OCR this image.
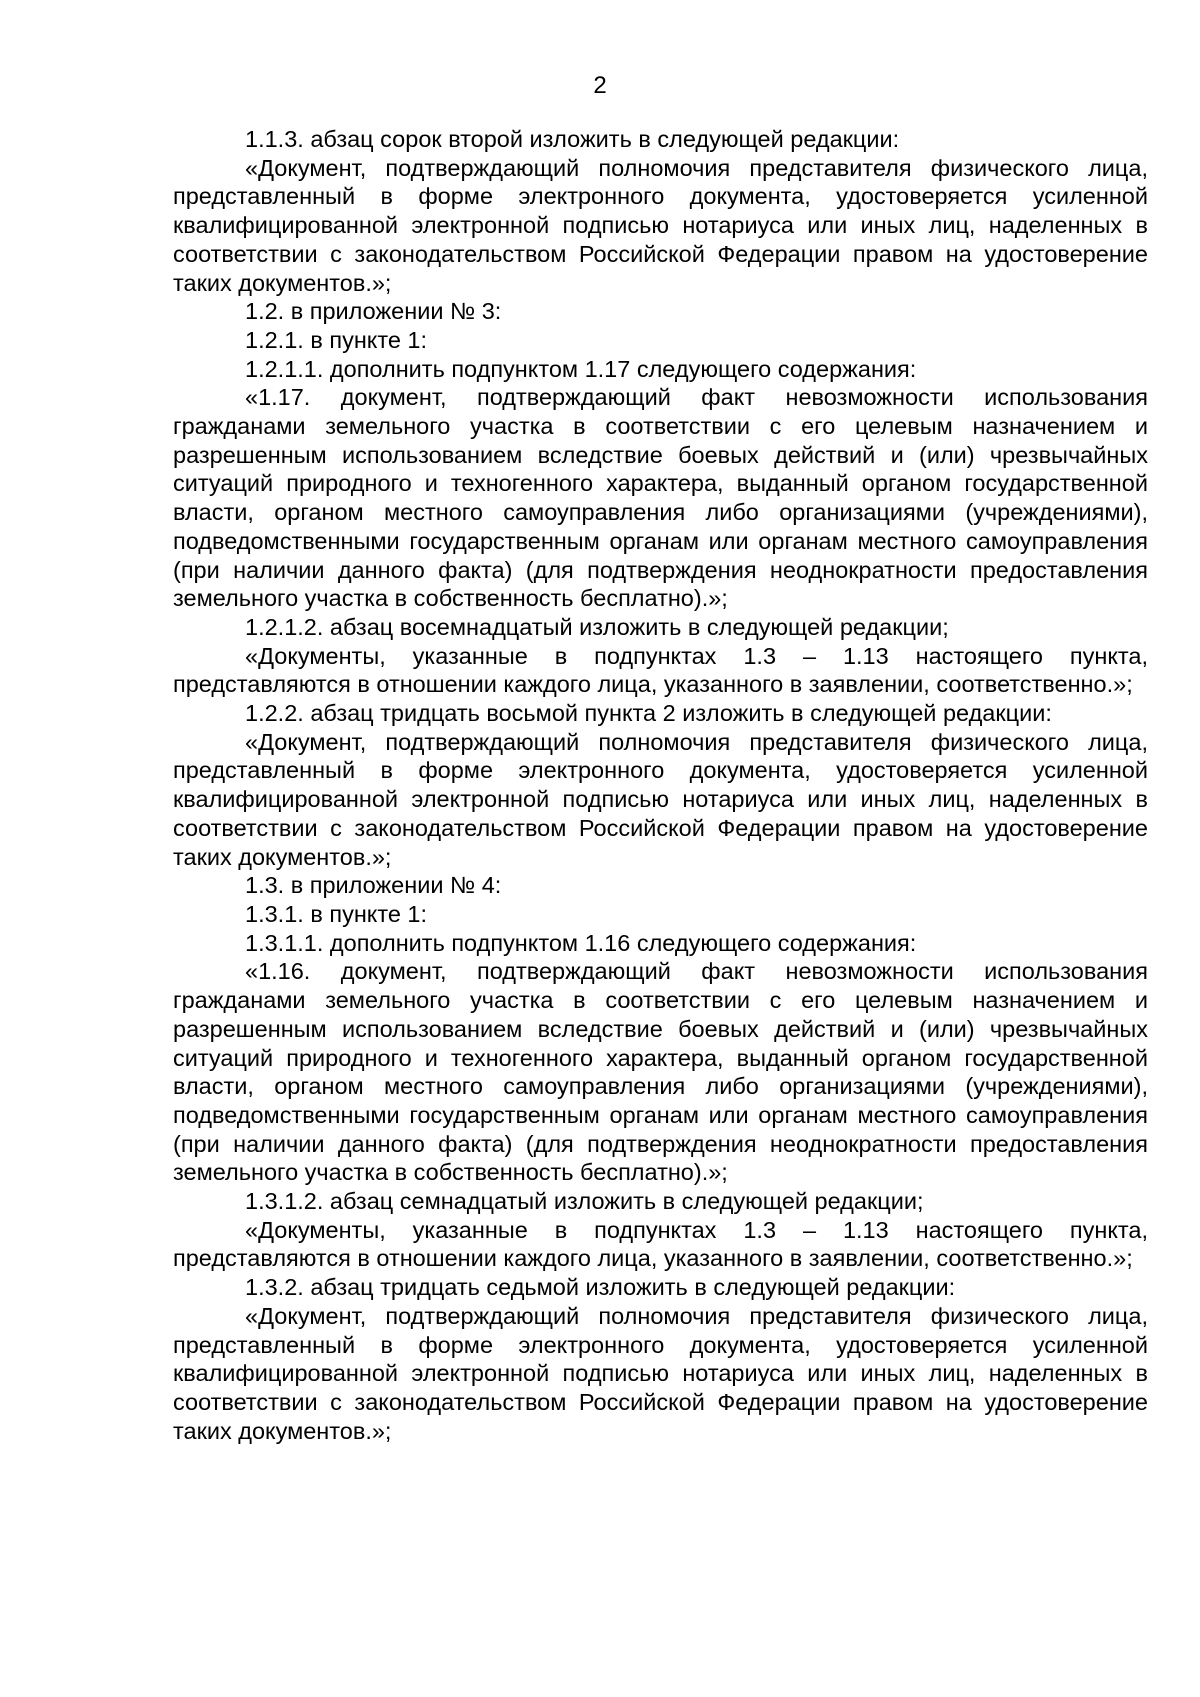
2

1.1.3. абзац сорок второй изложить в следующей редакции:

«Документ, подтверждающий полномочия представителя физического лица, представленный в форме электронного документа, удостоверяется усиленной квалифицированной электронной подписью нотариуса или иных лиц, наделенных в соответствии с законодательством Российской Федерации правом на удостоверение таких документов.»;

1.2. в приложении № 3:

1.2.1. в пункте 1:

1.2.1.1. дополнить подпунктом 1.17 следующего содержания:

«1.17. документ, подтверждающий факт невозможности использования гражданами земельного участка в соответствии с его целевым назначением и разрешенным использованием вследствие боевых действий и (или) чрезвычайных ситуаций природного и техногенного характера, выданный органом государственной власти, органом местного самоуправления либо организациями (учреждениями), подведомственными государственным органам или органам местного самоуправления (при наличии данного факта) (для подтверждения неоднократности предоставления земельного участка в собственность бесплатно).»;

1.2.1.2. абзац восемнадцатый изложить в следующей редакции;

«Документы, указанные в подпунктах 1.3 – 1.13 настоящего пункта, представляются в отношении каждого лица, указанного в заявлении, соответственно.»;

1.2.2. абзац тридцать восьмой пункта 2 изложить в следующей редакции:

«Документ, подтверждающий полномочия представителя физического лица, представленный в форме электронного документа, удостоверяется усиленной квалифицированной электронной подписью нотариуса или иных лиц, наделенных в соответствии с законодательством Российской Федерации правом на удостоверение таких документов.»;

1.3. в приложении № 4:

1.3.1. в пункте 1:

1.3.1.1. дополнить подпунктом 1.16 следующего содержания:

«1.16. документ, подтверждающий факт невозможности использования гражданами земельного участка в соответствии с его целевым назначением и разрешенным использованием вследствие боевых действий и (или) чрезвычайных ситуаций природного и техногенного характера, выданный органом государственной власти, органом местного самоуправления либо организациями (учреждениями), подведомственными государственным органам или органам местного самоуправления (при наличии данного факта) (для подтверждения неоднократности предоставления земельного участка в собственность бесплатно).»;

1.3.1.2. абзац семнадцатый изложить в следующей редакции;

«Документы, указанные в подпунктах 1.3 – 1.13 настоящего пункта, представляются в отношении каждого лица, указанного в заявлении, соответственно.»;

1.3.2. абзац тридцать седьмой изложить в следующей редакции:

«Документ, подтверждающий полномочия представителя физического лица, представленный в форме электронного документа, удостоверяется усиленной квалифицированной электронной подписью нотариуса или иных лиц, наделенных в соответствии с законодательством Российской Федерации правом на удостоверение таких документов.»;
